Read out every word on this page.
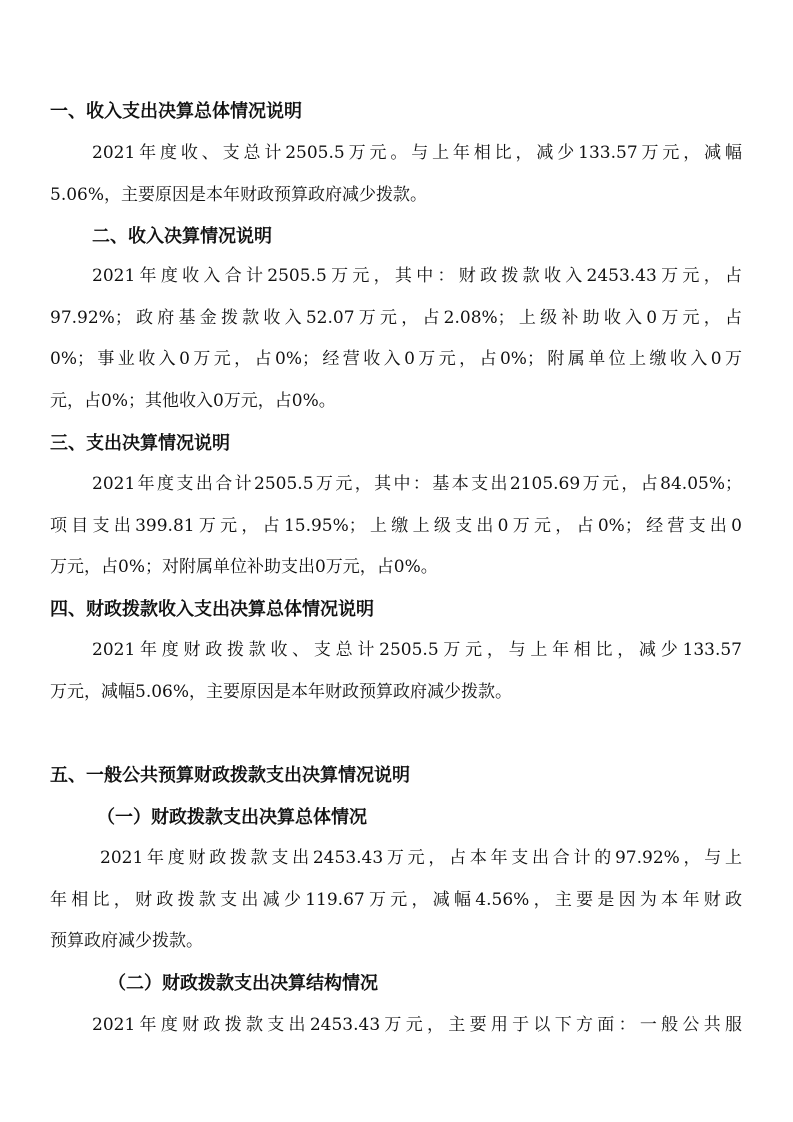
一、收入支出决算总体情况说明
2021年度收、支总计2505.5万元。与上年相比，减少133.57万元，减幅
5.06%，主要原因是本年财政预算政府减少拨款。
二、收入决算情况说明
2021年度收入合计2505.5万元，其中：财政拨款收入2453.43万元，占
97.92%；政府基金拨款收入52.07万元，占2.08%；上级补助收入0万元，占
0%；事业收入0万元，占0%；经营收入0万元，占0%；附属单位上缴收入0万
元，占0%；其他收入0万元，占0%。
三、支出决算情况说明
2021年度支出合计2505.5万元，其中：基本支出2105.69万元，占84.05%；
项目支出399.81万元，占15.95%；上缴上级支出0万元，占0%；经营支出0
万元，占0%；对附属单位补助支出0万元，占0%。
四、财政拨款收入支出决算总体情况说明
2021年度财政拨款收、支总计2505.5万元，与上年相比，减少133.57
万元，减幅5.06%，主要原因是本年财政预算政府减少拨款。
五、一般公共预算财政拨款支出决算情况说明
（一）财政拨款支出决算总体情况
2021年度财政拨款支出2453.43万元，占本年支出合计的97.92%，与上
年相比，财政拨款支出减少119.67万元，减幅4.56%，主要是因为本年财政
预算政府减少拨款。
（二）财政拨款支出决算结构情况
2021年度财政拨款支出2453.43万元，主要用于以下方面：一般公共服
